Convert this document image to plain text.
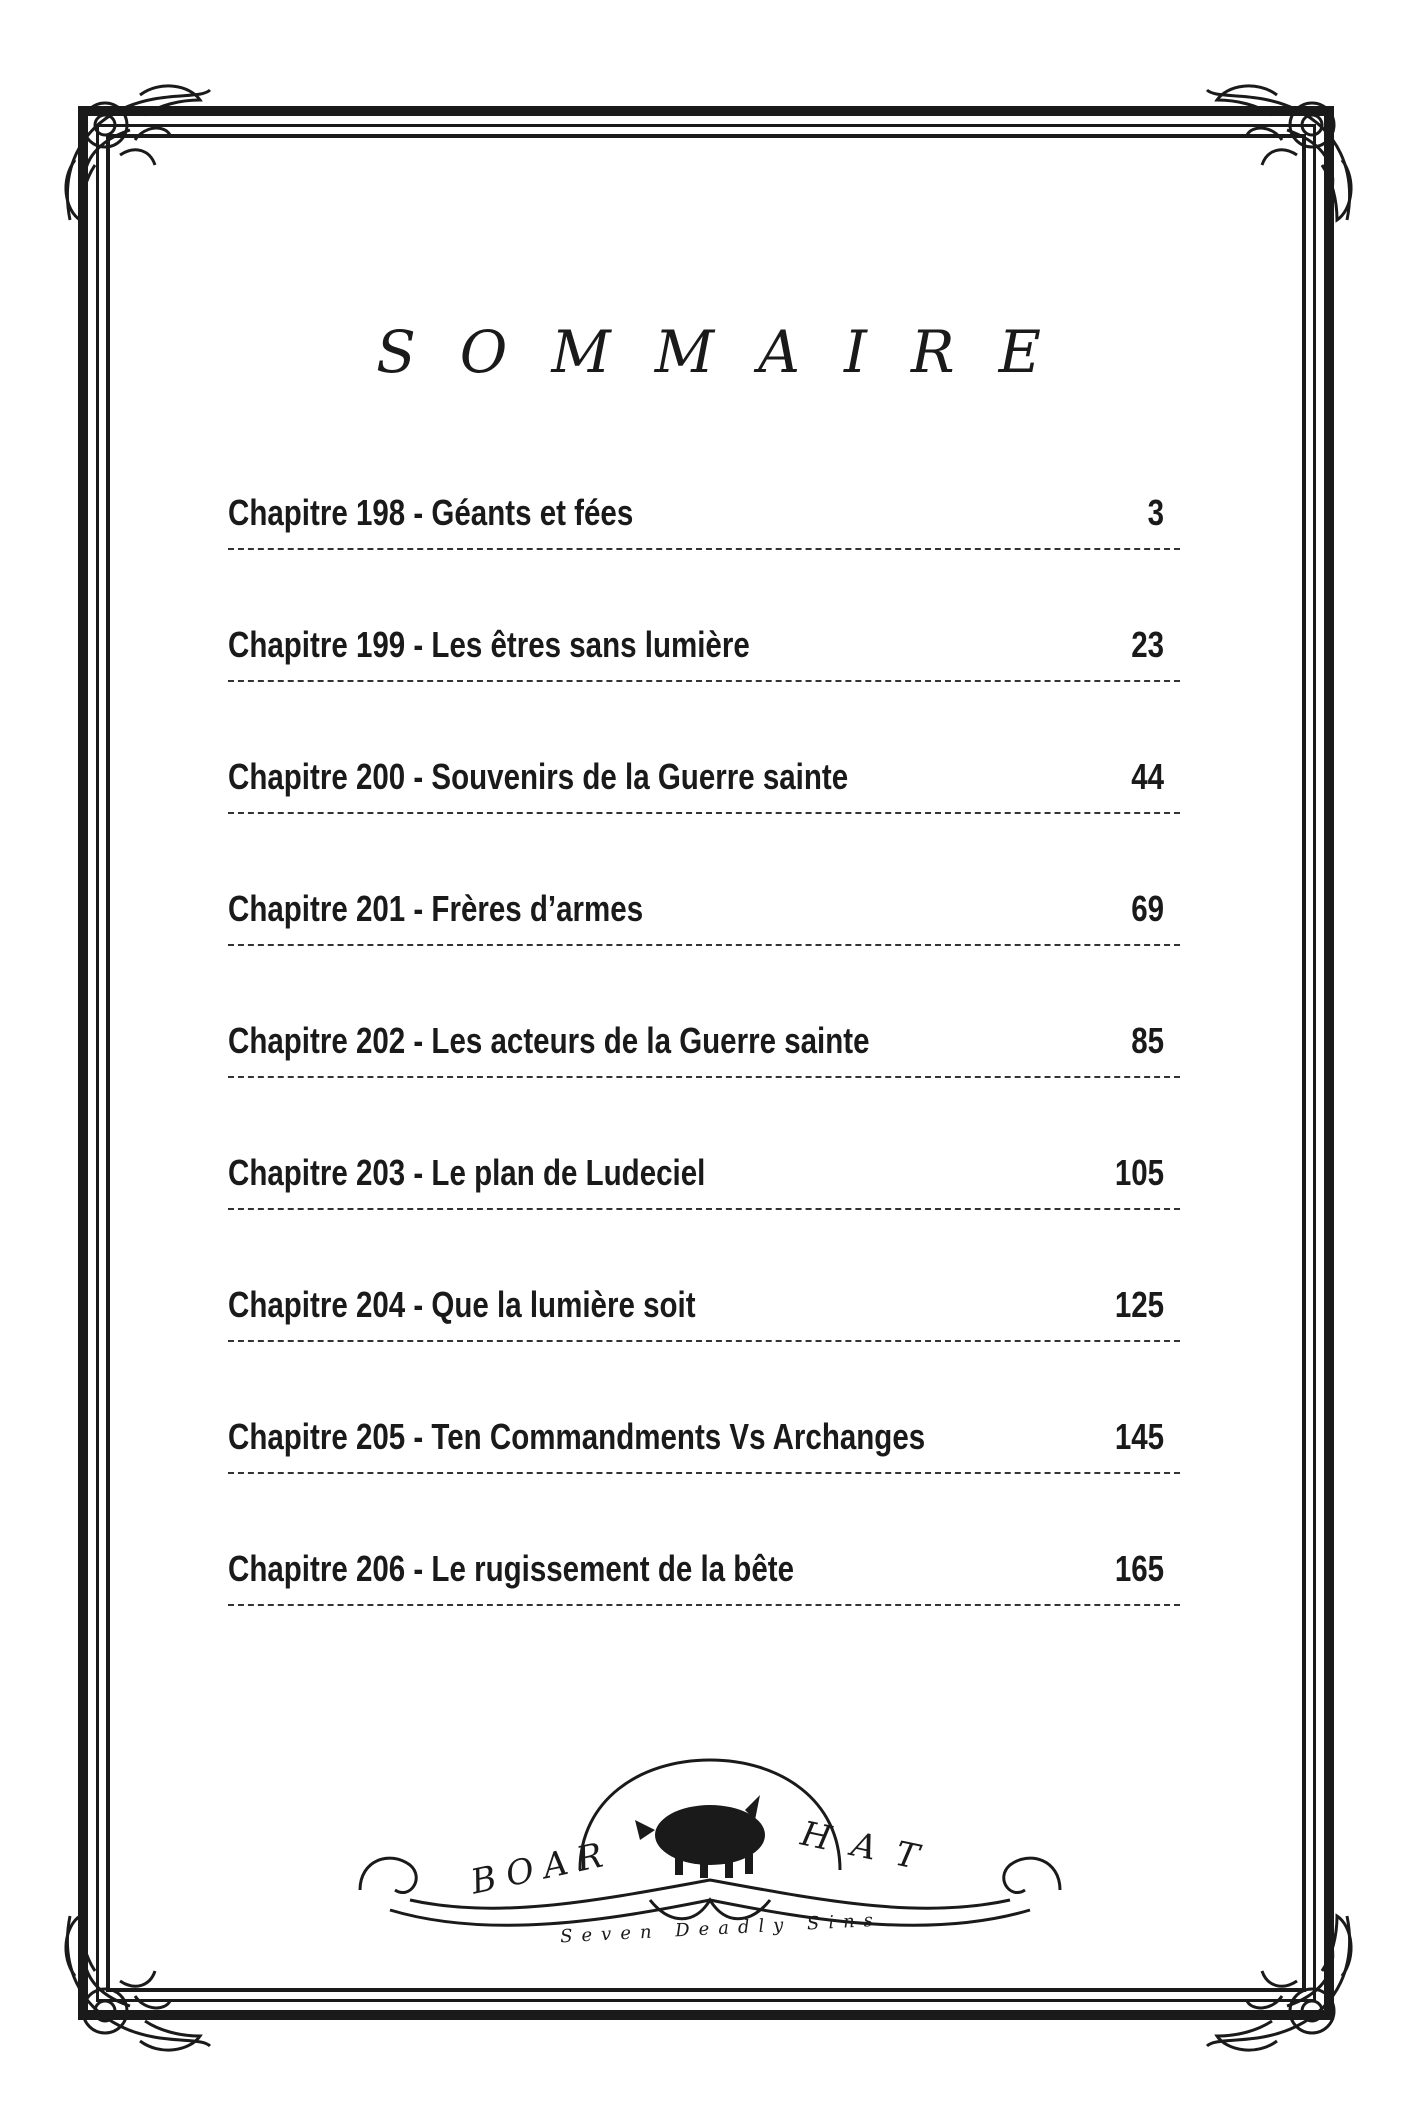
SOMMAIRE
Chapitre 198 - Géants et fées	3
Chapitre 199 - Les êtres sans lumière	23
Chapitre 200 - Souvenirs de la Guerre sainte	44
Chapitre 201 - Frères d’armes	69
Chapitre 202 - Les acteurs de la Guerre sainte	85
Chapitre 203 - Le plan de Ludeciel	105
Chapitre 204 - Que la lumière soit	125
Chapitre 205 - Ten Commandments Vs Archanges	145
Chapitre 206 - Le rugissement de la bête	165
BOAR	HAT
Seven Deadly Sins
